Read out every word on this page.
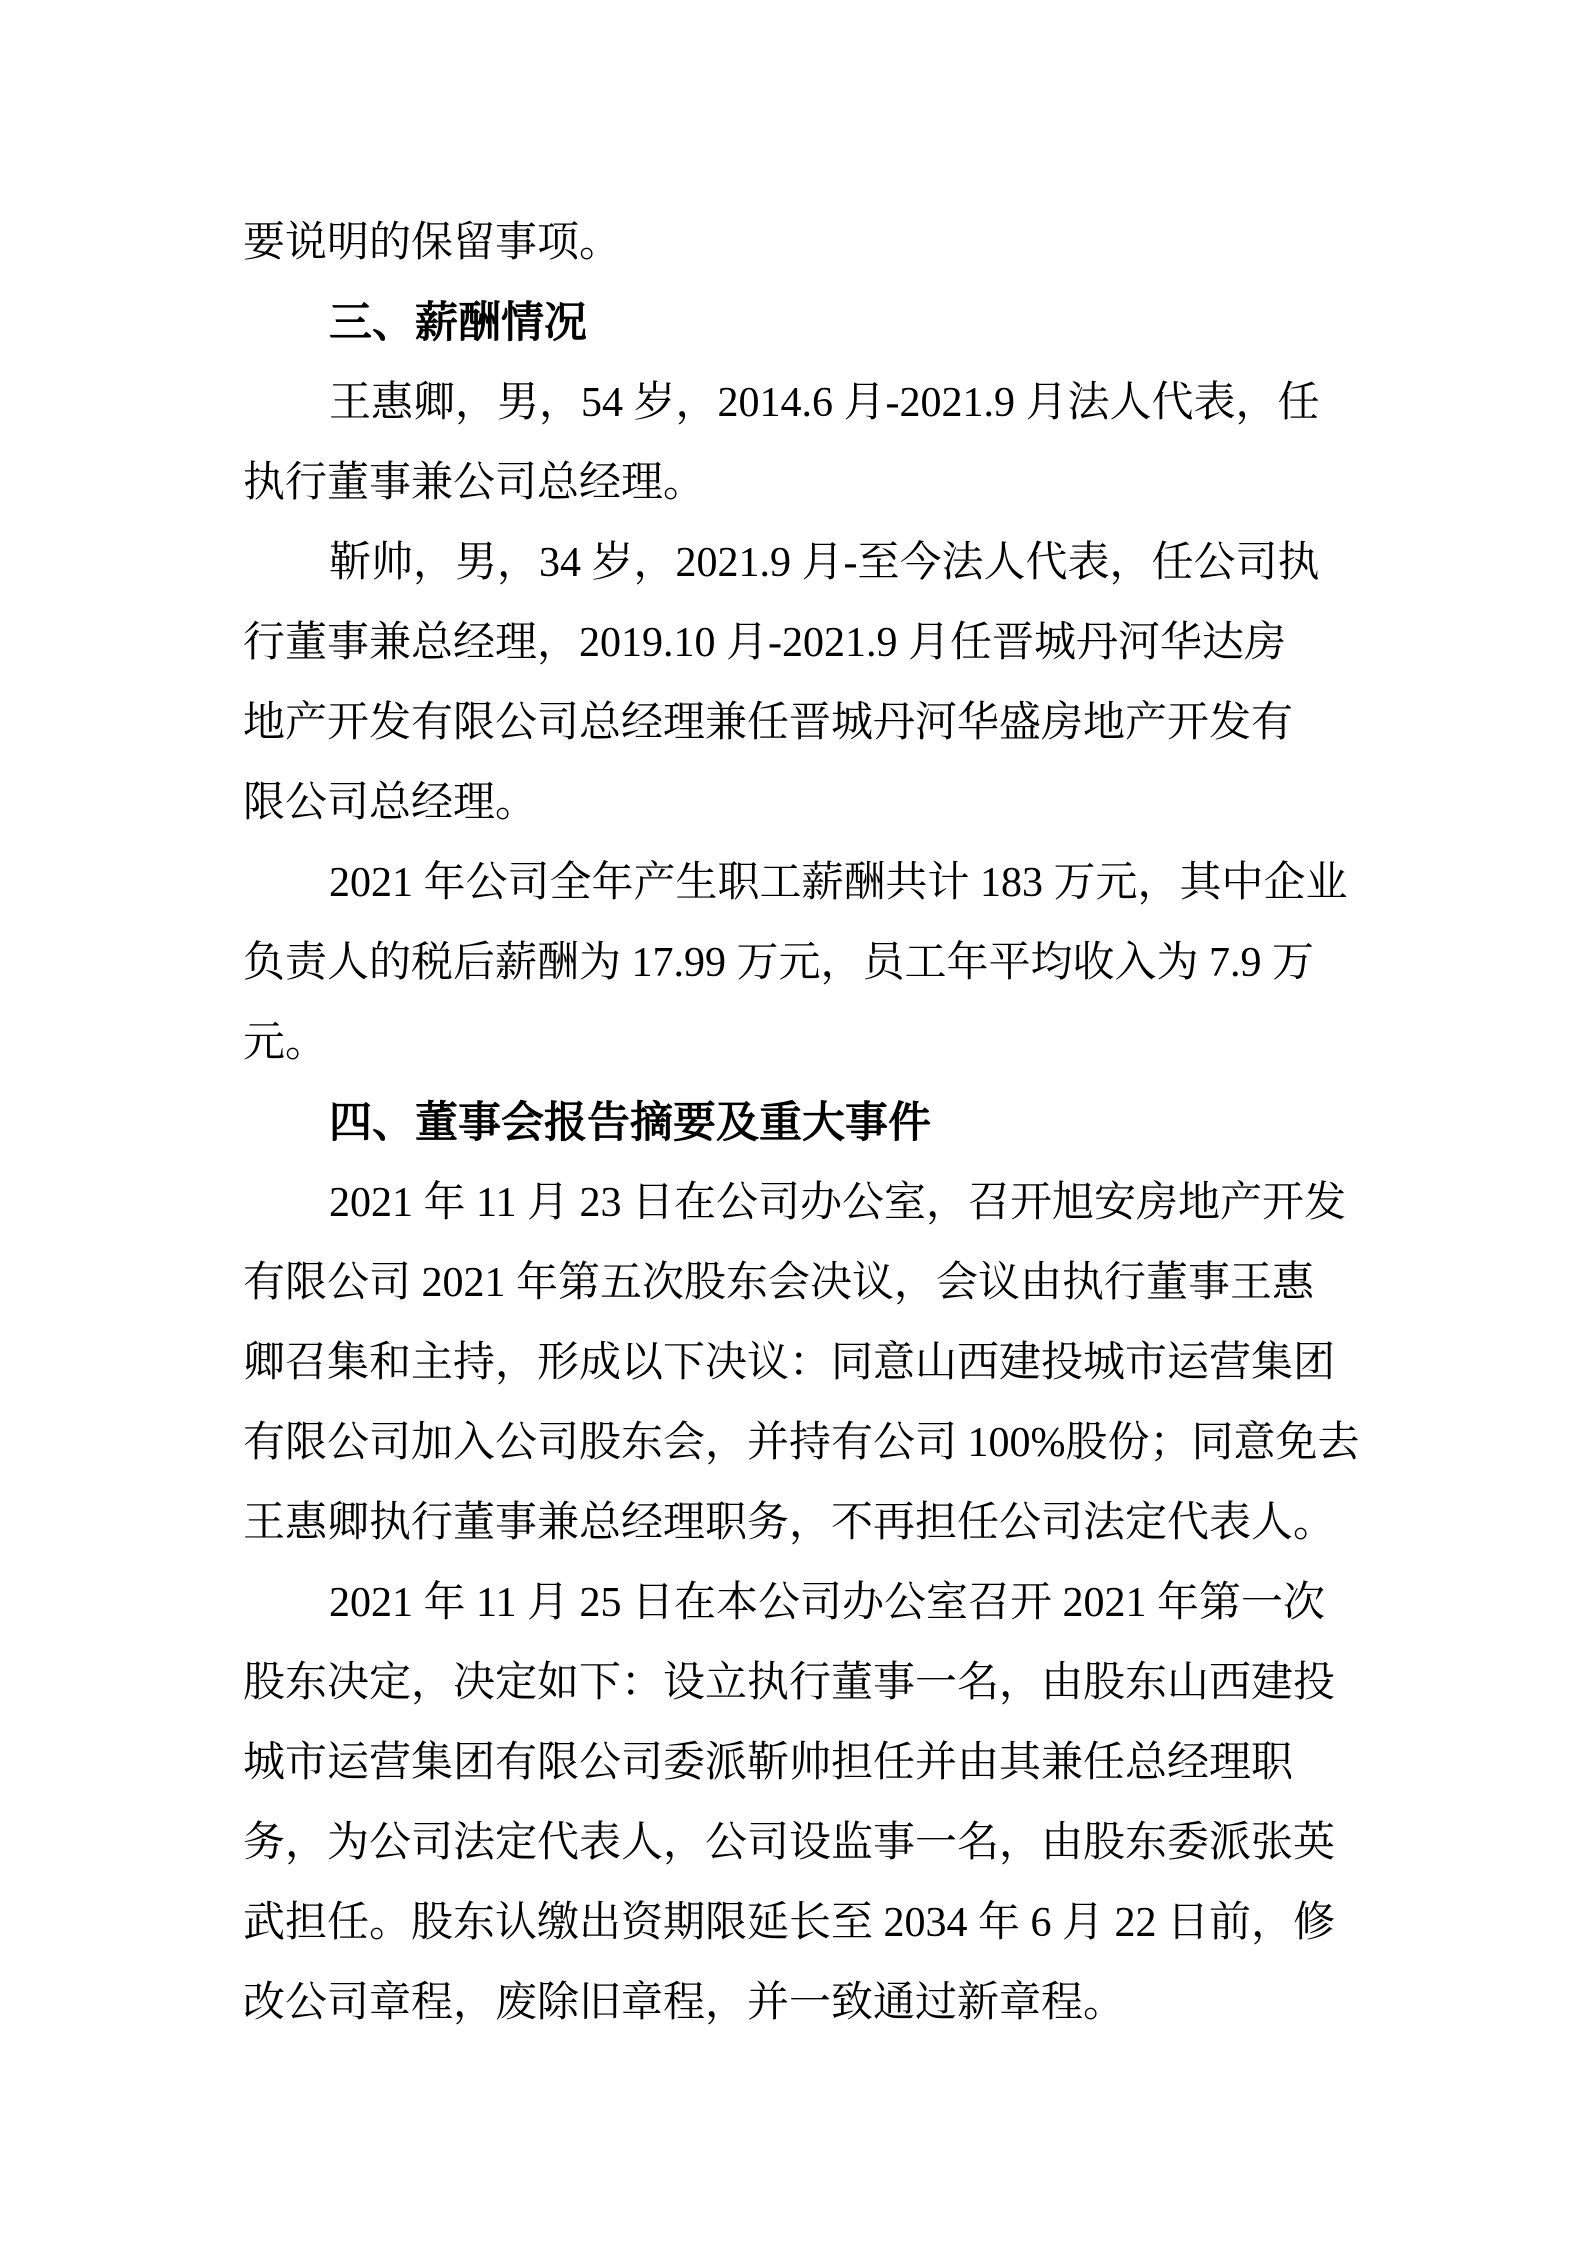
要说明的保留事项。
三、薪酬情况
王惠卿，男，54 岁，2014.6 月-2021.9 月法人代表，任
执行董事兼公司总经理。
靳帅，男，34 岁，2021.9 月-至今法人代表，任公司执
行董事兼总经理，2019.10 月-2021.9 月任晋城丹河华达房
地产开发有限公司总经理兼任晋城丹河华盛房地产开发有
限公司总经理。
2021 年公司全年产生职工薪酬共计 183 万元，其中企业
负责人的税后薪酬为 17.99 万元，员工年平均收入为 7.9 万
元。
四、董事会报告摘要及重大事件
2021 年 11 月 23 日在公司办公室，召开旭安房地产开发
有限公司 2021 年第五次股东会决议，会议由执行董事王惠
卿召集和主持，形成以下决议：同意山西建投城市运营集团
有限公司加入公司股东会，并持有公司 100%股份；同意免去
王惠卿执行董事兼总经理职务，不再担任公司法定代表人。
2021 年 11 月 25 日在本公司办公室召开 2021 年第一次
股东决定，决定如下：设立执行董事一名，由股东山西建投
城市运营集团有限公司委派靳帅担任并由其兼任总经理职
务，为公司法定代表人，公司设监事一名，由股东委派张英
武担任。股东认缴出资期限延长至 2034 年 6 月 22 日前，修
改公司章程，废除旧章程，并一致通过新章程。
